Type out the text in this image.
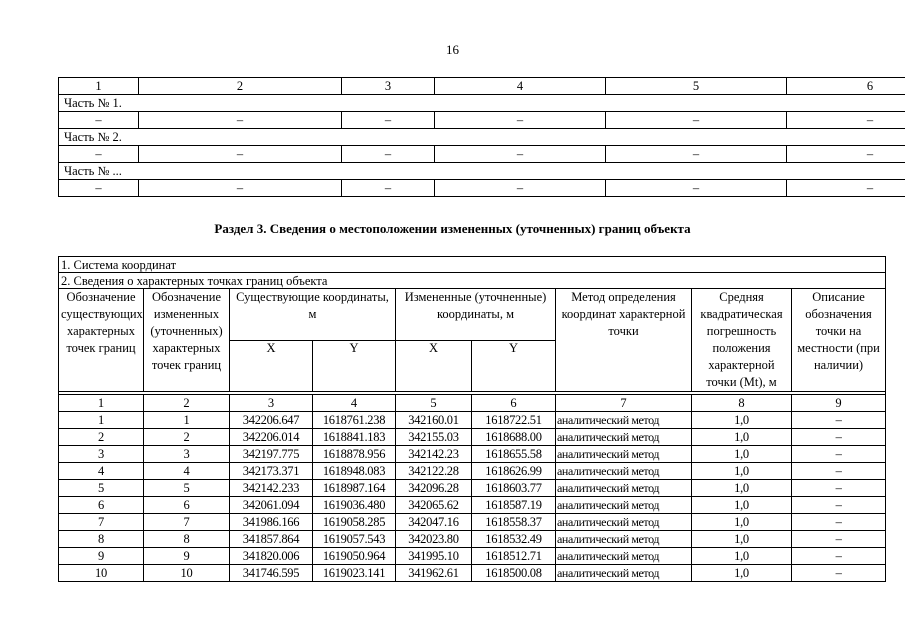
16
1	2	3	4	5	6
Часть № 1.					
–	–	–	–	–	–
Часть № 2.					
–	–	–	–	–	–
Часть № ...					
–	–	–	–	–	–
Раздел 3. Сведения о местоположении измененных (уточненных) границ объекта
1. Система координат								
2. Сведения о характерных точках границ объекта								
Обозначение существующих характерных точек границ	Обозначение измененных (уточненных) характерных точек границ	Существующие координаты, м		Измененные (уточненные) координаты, м		Метод определения координат характерной точки	Средняя квадратическая погрешность положения характерной точки (Mt), м	Описание обозначения точки на местности (при наличии)
		X	Y	X	Y			

1	2	3	4	5	6	7	8	9
1	1	342206.647	1618761.238	342160.01	1618722.51	аналитический метод	1,0	–
2	2	342206.014	1618841.183	342155.03	1618688.00	аналитический метод	1,0	–
3	3	342197.775	1618878.956	342142.23	1618655.58	аналитический метод	1,0	–
4	4	342173.371	1618948.083	342122.28	1618626.99	аналитический метод	1,0	–
5	5	342142.233	1618987.164	342096.28	1618603.77	аналитический метод	1,0	–
6	6	342061.094	1619036.480	342065.62	1618587.19	аналитический метод	1,0	–
7	7	341986.166	1619058.285	342047.16	1618558.37	аналитический метод	1,0	–
8	8	341857.864	1619057.543	342023.80	1618532.49	аналитический метод	1,0	–
9	9	341820.006	1619050.964	341995.10	1618512.71	аналитический метод	1,0	–
10	10	341746.595	1619023.141	341962.61	1618500.08	аналитический метод	1,0	–
